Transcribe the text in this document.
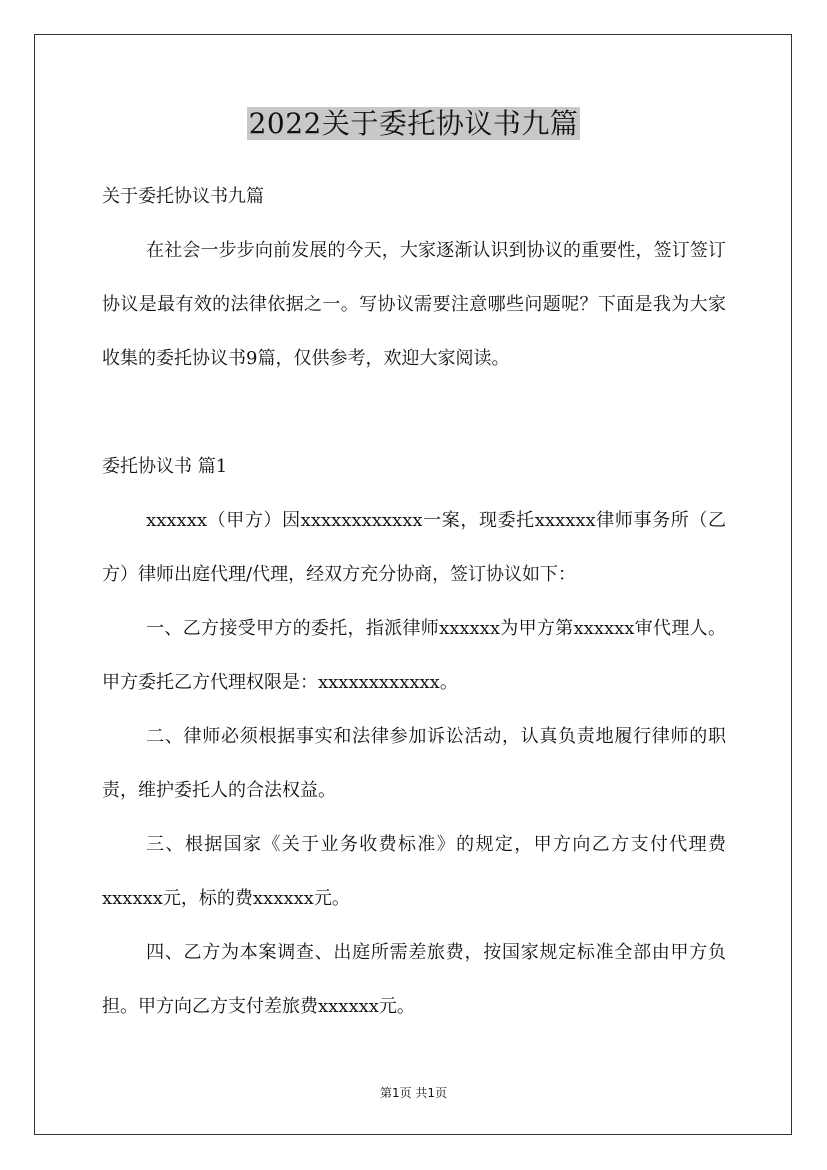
2022关于委托协议书九篇

关于委托协议书九篇

在社会一步步向前发展的今天，大家逐渐认识到协议的重要性，签订签订协议是最有效的法律依据之一。写协议需要注意哪些问题呢？下面是我为大家收集的委托协议书9篇，仅供参考，欢迎大家阅读。

委托协议书 篇1

xxxxxx（甲方）因xxxxxxxxxxxx一案，现委托xxxxxx律师事务所（乙方）律师出庭代理/代理，经双方充分协商，签订协议如下：

一、乙方接受甲方的委托，指派律师xxxxxx为甲方第xxxxxx审代理人。甲方委托乙方代理权限是：xxxxxxxxxxxx。

二、律师必须根据事实和法律参加诉讼活动，认真负责地履行律师的职责，维护委托人的合法权益。

三、根据国家《关于业务收费标准》的规定，甲方向乙方支付代理费xxxxxx元，标的费xxxxxx元。

四、乙方为本案调查、出庭所需差旅费，按国家规定标准全部由甲方负担。甲方向乙方支付差旅费xxxxxx元。

第1页 共1页
